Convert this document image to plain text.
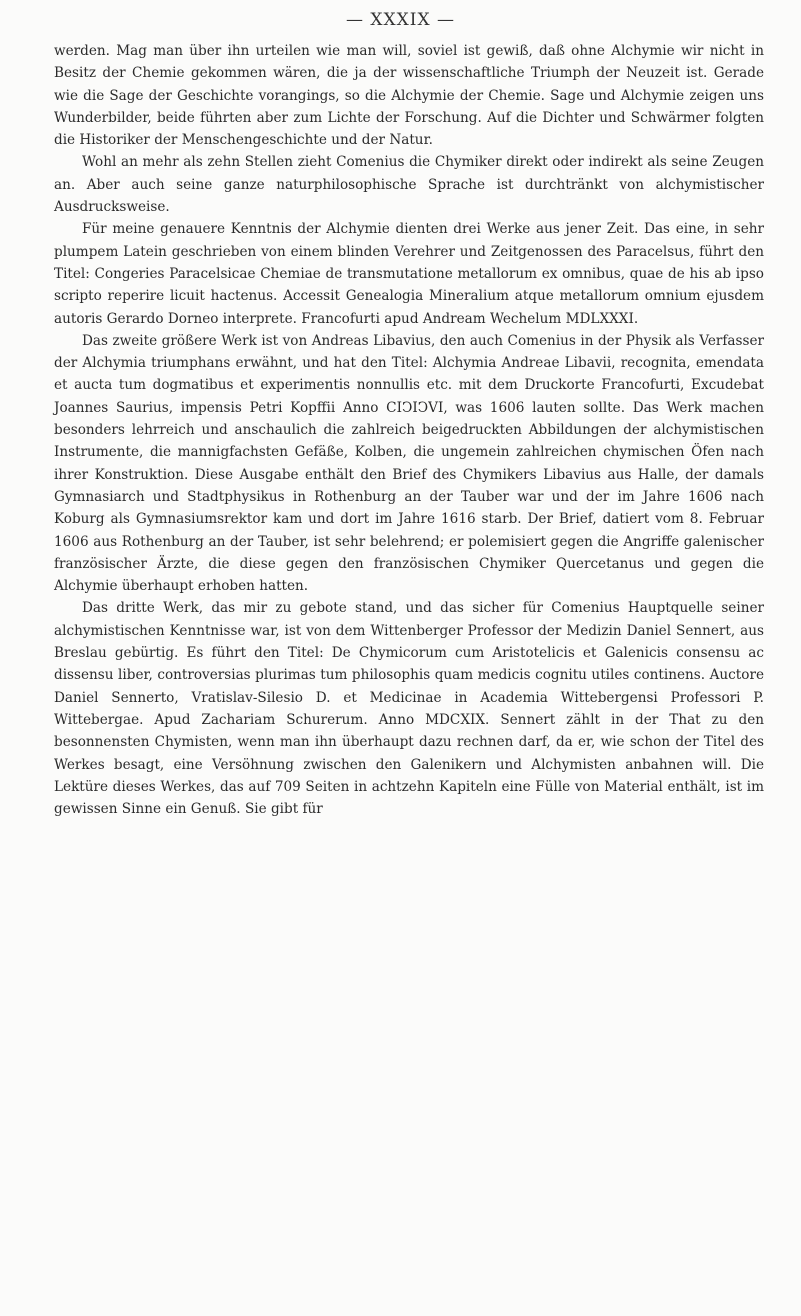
— XXXIX —

werden. Mag man über ihn urteilen wie man will, soviel ist gewiß, daß ohne Alchymie wir nicht in Besitz der Chemie gekommen wären, die ja der wissenschaftliche Triumph der Neuzeit ist. Gerade wie die Sage der Geschichte vorangings, so die Alchymie der Chemie. Sage und Alchymie zeigen uns Wunderbilder, beide führten aber zum Lichte der Forschung. Auf die Dichter und Schwärmer folgten die Historiker der Menschengeschichte und der Natur.

Wohl an mehr als zehn Stellen zieht Comenius die Chymiker direkt oder indirekt als seine Zeugen an. Aber auch seine ganze naturphilosophische Sprache ist durchtränkt von alchymistischer Ausdrucksweise.

Für meine genauere Kenntnis der Alchymie dienten drei Werke aus jener Zeit. Das eine, in sehr plumpem Latein geschrieben von einem blinden Verehrer und Zeitgenossen des Paracelsus, führt den Titel: Congeries Paracelsicae Chemiae de transmutatione metallorum ex omnibus, quae de his ab ipso scripto reperire licuit hactenus. Accessit Genealogia Mineralium atque metallorum omnium ejusdem autoris Gerardo Dorneo interprete. Francofurti apud Andream Wechelum MDLXXXI.

Das zweite größere Werk ist von Andreas Libavius, den auch Comenius in der Physik als Verfasser der Alchymia triumphans erwähnt, und hat den Titel: Alchymia Andreae Libavii, recognita, emendata et aucta tum dogmatibus et experimentis nonnullis etc. mit dem Druckorte Francofurti, Excudebat Joannes Saurius, impensis Petri Kopffii Anno CIↃIↃVI, was 1606 lauten sollte. Das Werk machen besonders lehrreich und anschaulich die zahlreich beigedruckten Abbildungen der alchymistischen Instrumente, die mannigfachsten Gefäße, Kolben, die ungemein zahlreichen chymischen Öfen nach ihrer Konstruktion. Diese Ausgabe enthält den Brief des Chymikers Libavius aus Halle, der damals Gymnasiarch und Stadtphysikus in Rothenburg an der Tauber war und der im Jahre 1606 nach Koburg als Gymnasiumsrektor kam und dort im Jahre 1616 starb. Der Brief, datiert vom 8. Februar 1606 aus Rothenburg an der Tauber, ist sehr belehrend; er polemisiert gegen die Angriffe galenischer französischer Ärzte, die diese gegen den französischen Chymiker Quercetanus und gegen die Alchymie überhaupt erhoben hatten.

Das dritte Werk, das mir zu gebote stand, und das sicher für Comenius Hauptquelle seiner alchymistischen Kenntnisse war, ist von dem Wittenberger Professor der Medizin Daniel Sennert, aus Breslau gebürtig. Es führt den Titel: De Chymicorum cum Aristotelicis et Galenicis consensu ac dissensu liber, controversias plurimas tum philosophis quam medicis cognitu utiles continens. Auctore Daniel Sennerto, Vratislav-Silesio D. et Medicinae in Academia Wittebergensi Professori P. Wittebergae. Apud Zachariam Schurerum. Anno MDCXIX. Sennert zählt in der That zu den besonnensten Chymisten, wenn man ihn überhaupt dazu rechnen darf, da er, wie schon der Titel des Werkes besagt, eine Versöhnung zwischen den Galenikern und Alchymisten anbahnen will. Die Lektüre dieses Werkes, das auf 709 Seiten in achtzehn Kapiteln eine Fülle von Material enthält, ist im gewissen Sinne ein Genuß. Sie gibt für
